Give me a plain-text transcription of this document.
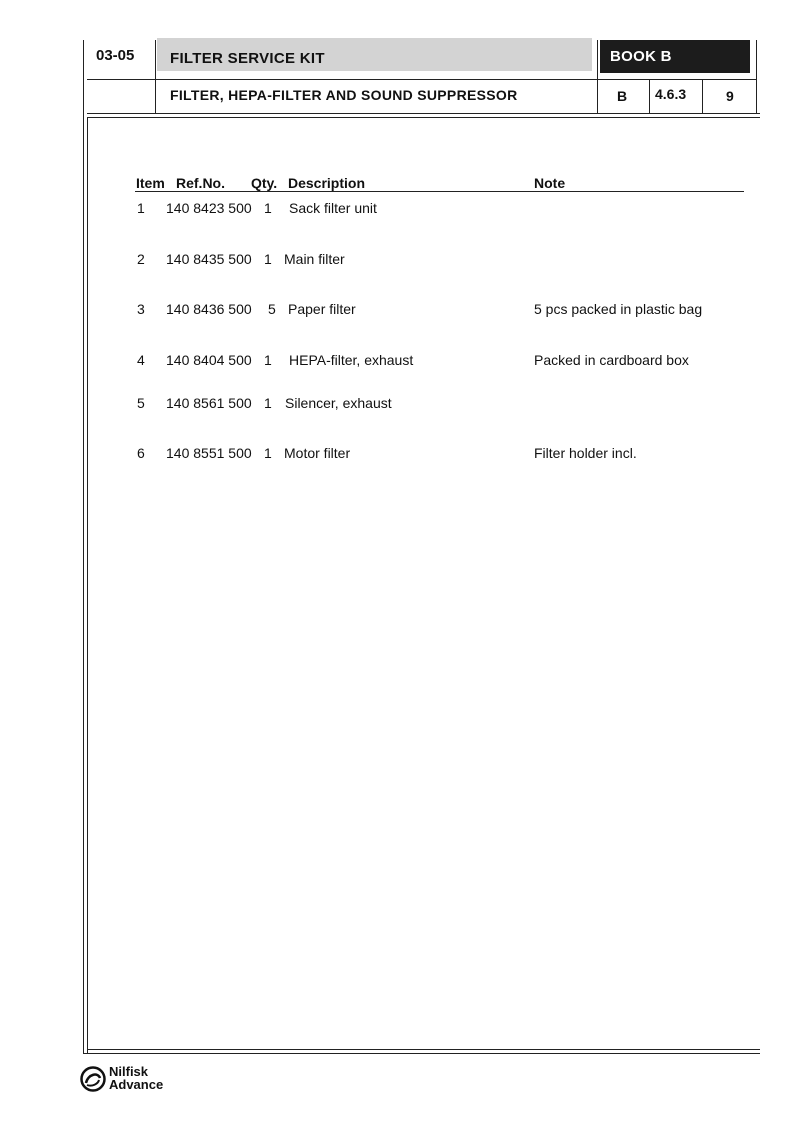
03-05 FILTER SERVICE KIT	BOOK B
FILTER, HEPA-FILTER AND SOUND SUPPRESSOR	B 4.6.3	9
Item Ref.No. Qty. Description	Note
1 140 8423 500 1 Sack filter unit
2 140 8435 500 1 Main filter
3 140 8436 500 5 Paper filter	5 pcs packed in plastic bag
4 140 8404 500 1 HEPA-filter, exhaust	Packed in cardboard box
5 140 8561 500 1 Silencer, exhaust
6 140 8551 500 1 Motor filter	Filter holder incl.
Nilfisk
Advance
